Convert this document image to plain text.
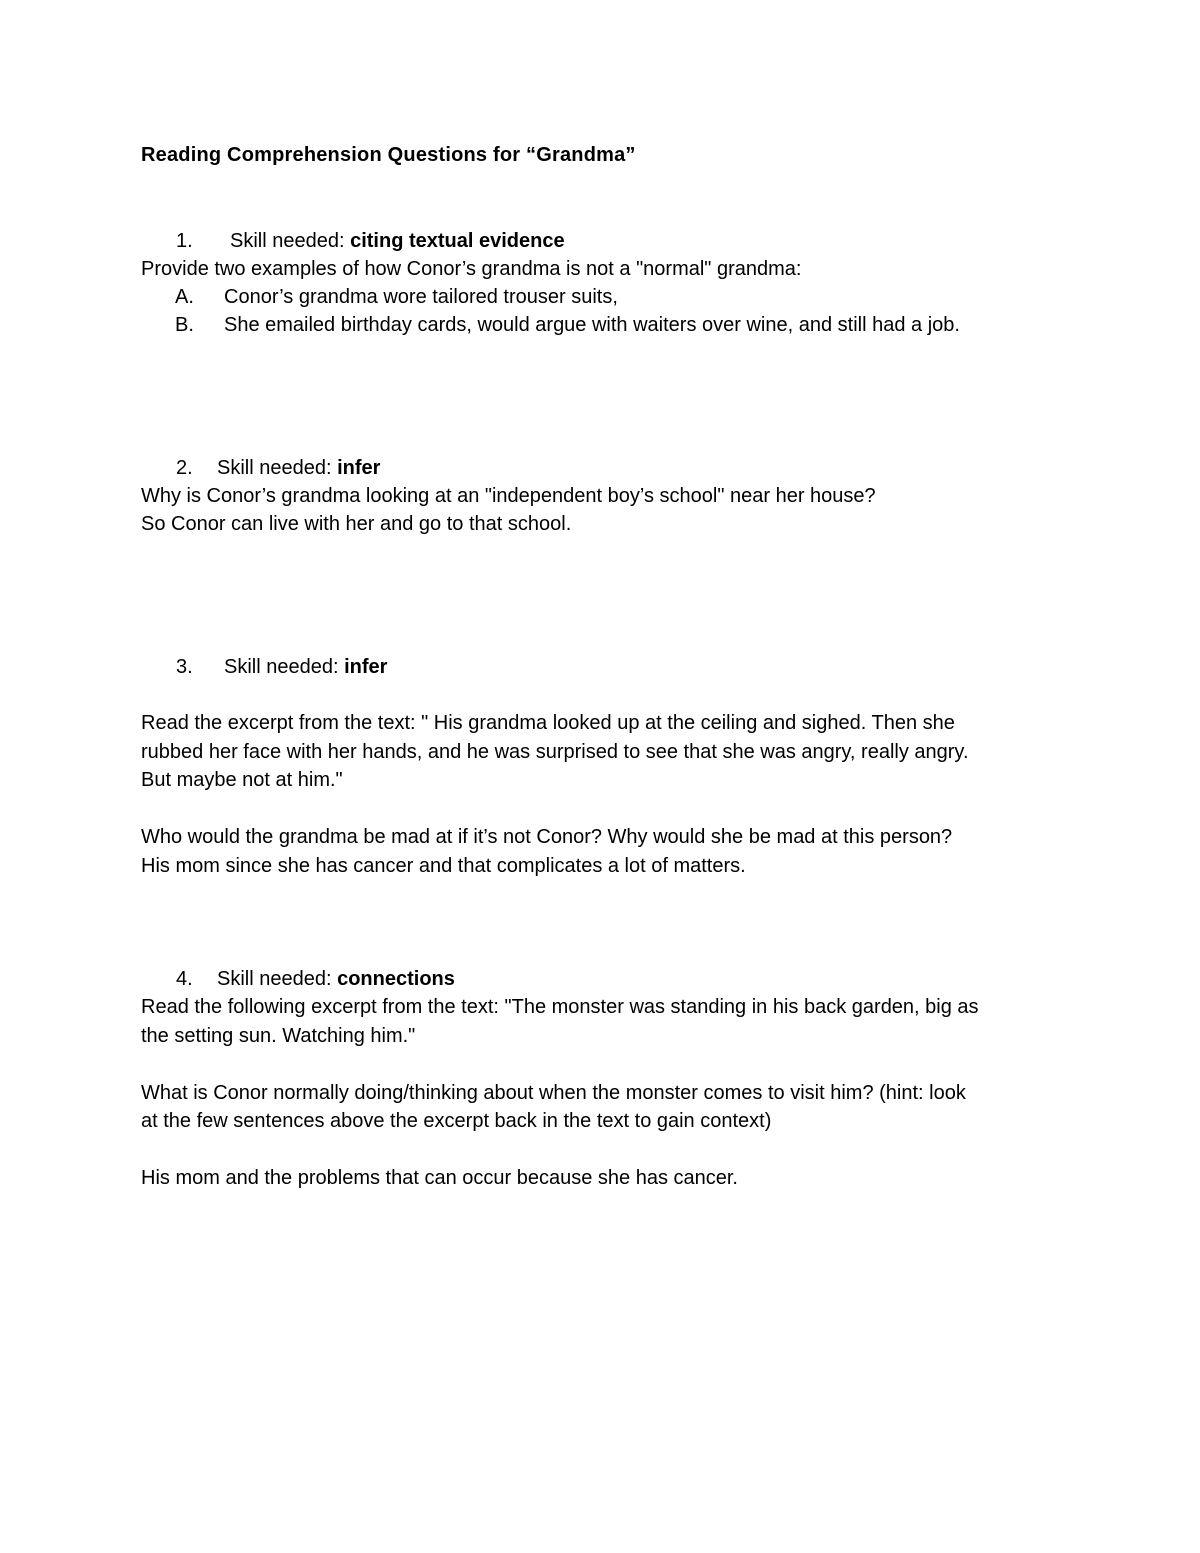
Reading Comprehension Questions for “Grandma”
1. Skill needed: citing textual evidence
Provide two examples of how Conor’s grandma is not a "normal" grandma:
A. Conor’s grandma wore tailored trouser suits,
B. She emailed birthday cards, would argue with waiters over wine, and still had a job.
2. Skill needed: infer
Why is Conor’s grandma looking at an "independent boy’s school" near her house?
So Conor can live with her and go to that school.
3. Skill needed: infer
Read the excerpt from the text: " His grandma looked up at the ceiling and sighed. Then she
rubbed her face with her hands, and he was surprised to see that she was angry, really angry.
But maybe not at him."
Who would the grandma be mad at if it’s not Conor? Why would she be mad at this person?
His mom since she has cancer and that complicates a lot of matters.
4. Skill needed: connections
Read the following excerpt from the text: "The monster was standing in his back garden, big as
the setting sun. Watching him."
What is Conor normally doing/thinking about when the monster comes to visit him? (hint: look
at the few sentences above the excerpt back in the text to gain context)
His mom and the problems that can occur because she has cancer.
